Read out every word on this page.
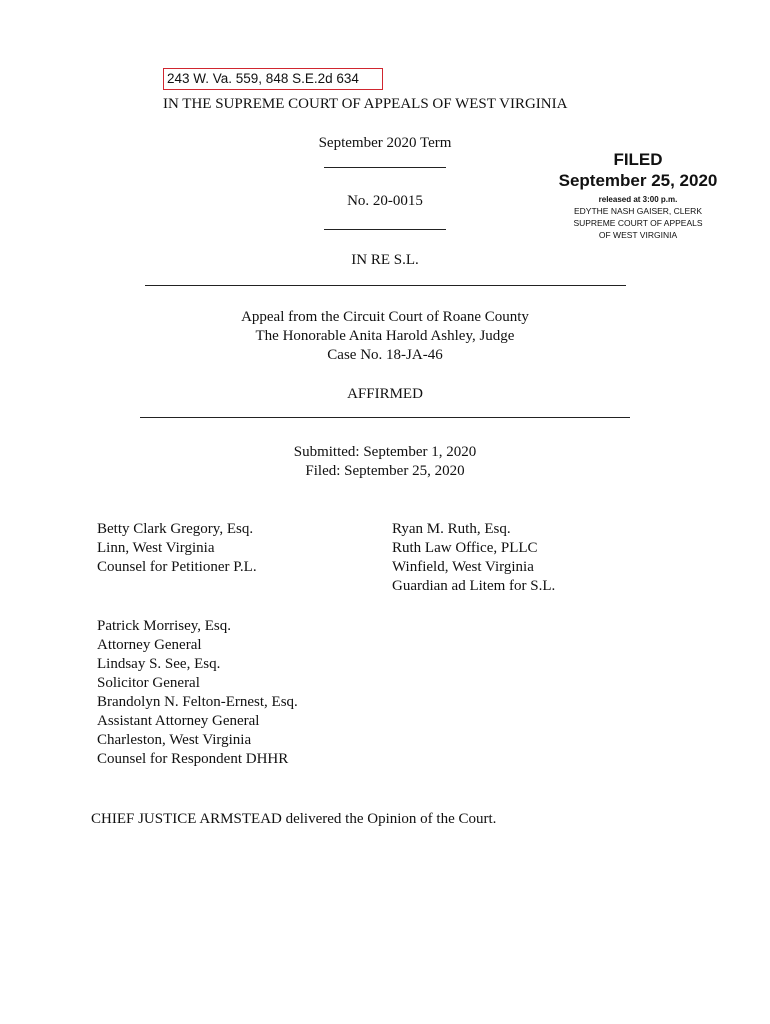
243 W. Va. 559, 848 S.E.2d 634
IN THE SUPREME COURT OF APPEALS OF WEST VIRGINIA
September 2020 Term
No. 20-0015
IN RE S.L.
FILED
September 25, 2020
released at 3:00 p.m.
EDYTHE NASH GAISER, CLERK
SUPREME COURT OF APPEALS
OF WEST VIRGINIA
Appeal from the Circuit Court of Roane County
The Honorable Anita Harold Ashley, Judge
Case No. 18-JA-46
AFFIRMED
Submitted: September 1, 2020
Filed: September 25, 2020
Betty Clark Gregory, Esq.
Linn, West Virginia
Counsel for Petitioner P.L.
Ryan M. Ruth, Esq.
Ruth Law Office, PLLC
Winfield, West Virginia
Guardian ad Litem for S.L.
Patrick Morrisey, Esq.
Attorney General
Lindsay S. See, Esq.
Solicitor General
Brandolyn N. Felton-Ernest, Esq.
Assistant Attorney General
Charleston, West Virginia
Counsel for Respondent DHHR
CHIEF JUSTICE ARMSTEAD delivered the Opinion of the Court.
